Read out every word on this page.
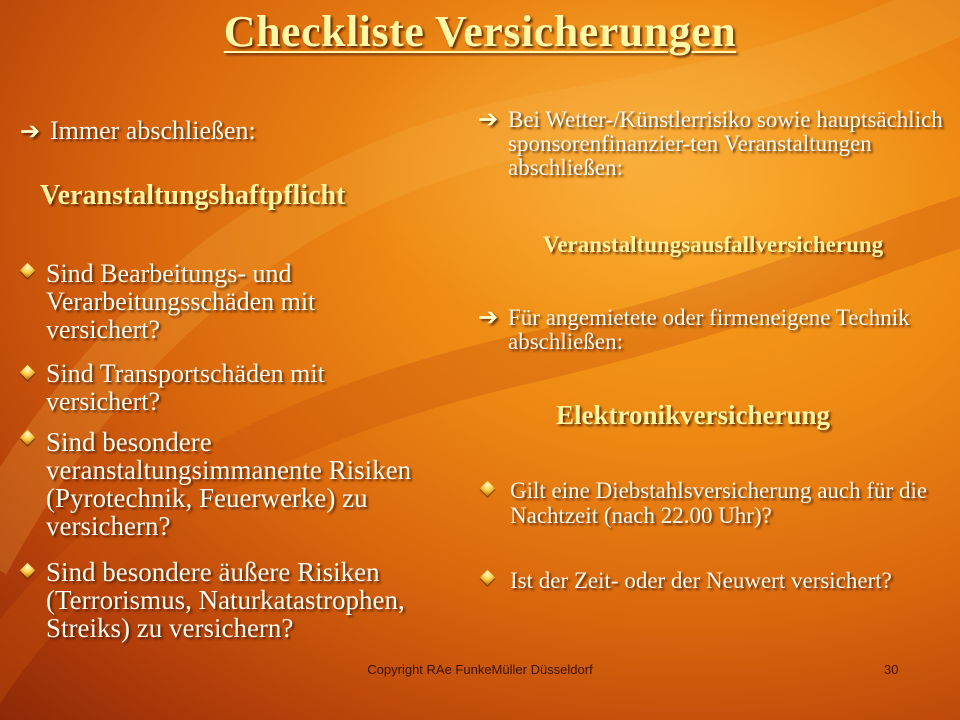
Checkliste Versicherungen
➔ Immer abschließen:
Veranstaltungshaftpflicht
Sind Bearbeitungs- und Verarbeitungsschäden mit versichert?
Sind Transportschäden mit versichert?
Sind besondere veranstaltungsimmanente Risiken (Pyrotechnik, Feuerwerke) zu versichern?
Sind besondere äußere Risiken (Terrorismus, Naturkatastrophen, Streiks) zu versichern?
➔ Bei Wetter-/Künstlerrisiko sowie hauptsächlich sponsorenfinanzier-ten Veranstaltungen abschließen:
Veranstaltungsausfallversicherung
➔ Für angemietete oder firmeneigene Technik abschließen:
Elektronikversicherung
Gilt eine Diebstahlsversicherung auch für die Nachtzeit (nach 22.00 Uhr)?
Ist der Zeit- oder der Neuwert versichert?
Copyright RAe FunkeMüller Düsseldorf	30
